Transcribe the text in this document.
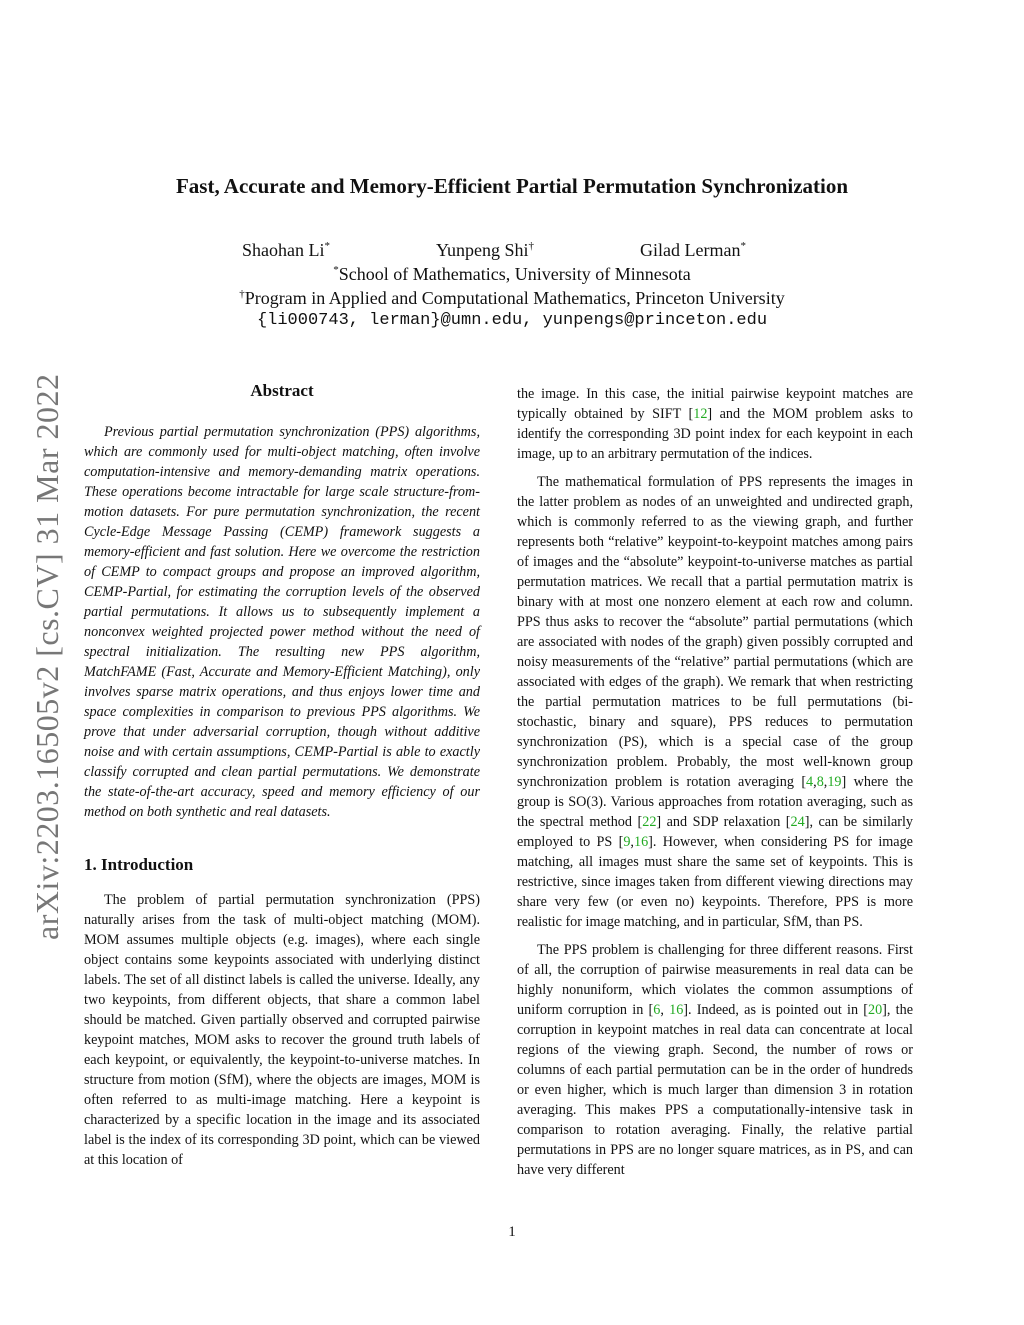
arXiv:2203.16505v2 [cs.CV] 31 Mar 2022
Fast, Accurate and Memory-Efficient Partial Permutation Synchronization
Shaohan Li*	Yunpeng Shi†	Gilad Lerman*
*School of Mathematics, University of Minnesota
†Program in Applied and Computational Mathematics, Princeton University
{li000743, lerman}@umn.edu, yunpengs@princeton.edu
Abstract

Previous partial permutation synchronization (PPS) algorithms, which are commonly used for multi-object matching, often involve computation-intensive and memory-demanding matrix operations. These operations become intractable for large scale structure-from-motion datasets. For pure permutation synchronization, the recent Cycle-Edge Message Passing (CEMP) framework suggests a memory-efficient and fast solution. Here we overcome the restriction of CEMP to compact groups and propose an improved algorithm, CEMP-Partial, for estimating the corruption levels of the observed partial permutations. It allows us to subsequently implement a nonconvex weighted projected power method without the need of spectral initialization. The resulting new PPS algorithm, MatchFAME (Fast, Accurate and Memory-Efficient Matching), only involves sparse matrix operations, and thus enjoys lower time and space complexities in comparison to previous PPS algorithms. We prove that under adversarial corruption, though without additive noise and with certain assumptions, CEMP-Partial is able to exactly classify corrupted and clean partial permutations. We demonstrate the state-of-the-art accuracy, speed and memory efficiency of our method on both synthetic and real datasets.

1. Introduction

The problem of partial permutation synchronization (PPS) naturally arises from the task of multi-object matching (MOM). MOM assumes multiple objects (e.g. images), where each single object contains some keypoints associated with underlying distinct labels. The set of all distinct labels is called the universe. Ideally, any two keypoints, from different objects, that share a common label should be matched. Given partially observed and corrupted pairwise keypoint matches, MOM asks to recover the ground truth labels of each keypoint, or equivalently, the keypoint-to-universe matches. In structure from motion (SfM), where the objects are images, MOM is often referred to as multi-image matching. Here a keypoint is characterized by a specific location in the image and its associated label is the index of its corresponding 3D point, which can be viewed at this location of

the image. In this case, the initial pairwise keypoint matches are typically obtained by SIFT [12] and the MOM problem asks to identify the corresponding 3D point index for each keypoint in each image, up to an arbitrary permutation of the indices.

The mathematical formulation of PPS represents the images in the latter problem as nodes of an unweighted and undirected graph, which is commonly referred to as the viewing graph, and further represents both “relative” keypoint-to-keypoint matches among pairs of images and the “absolute” keypoint-to-universe matches as partial permutation matrices. We recall that a partial permutation matrix is binary with at most one nonzero element at each row and column. PPS thus asks to recover the “absolute” partial permutations (which are associated with nodes of the graph) given possibly corrupted and noisy measurements of the “relative” partial permutations (which are associated with edges of the graph). We remark that when restricting the partial permutation matrices to be full permutations (bi-stochastic, binary and square), PPS reduces to permutation synchronization (PS), which is a special case of the group synchronization problem. Probably, the most well-known group synchronization problem is rotation averaging [4,8,19] where the group is SO(3). Various approaches from rotation averaging, such as the spectral method [22] and SDP relaxation [24], can be similarly employed to PS [9,16]. However, when considering PS for image matching, all images must share the same set of keypoints. This is restrictive, since images taken from different viewing directions may share very few (or even no) keypoints. Therefore, PPS is more realistic for image matching, and in particular, SfM, than PS.

The PPS problem is challenging for three different reasons. First of all, the corruption of pairwise measurements in real data can be highly nonuniform, which violates the common assumptions of uniform corruption in [6, 16]. Indeed, as is pointed out in [20], the corruption in keypoint matches in real data can concentrate at local regions of the viewing graph. Second, the number of rows or columns of each partial permutation can be in the order of hundreds or even higher, which is much larger than dimension 3 in rotation averaging. This makes PPS a computationally-intensive task in comparison to rotation averaging. Finally, the relative partial permutations in PPS are no longer square matrices, as in PS, and can have very different

1
